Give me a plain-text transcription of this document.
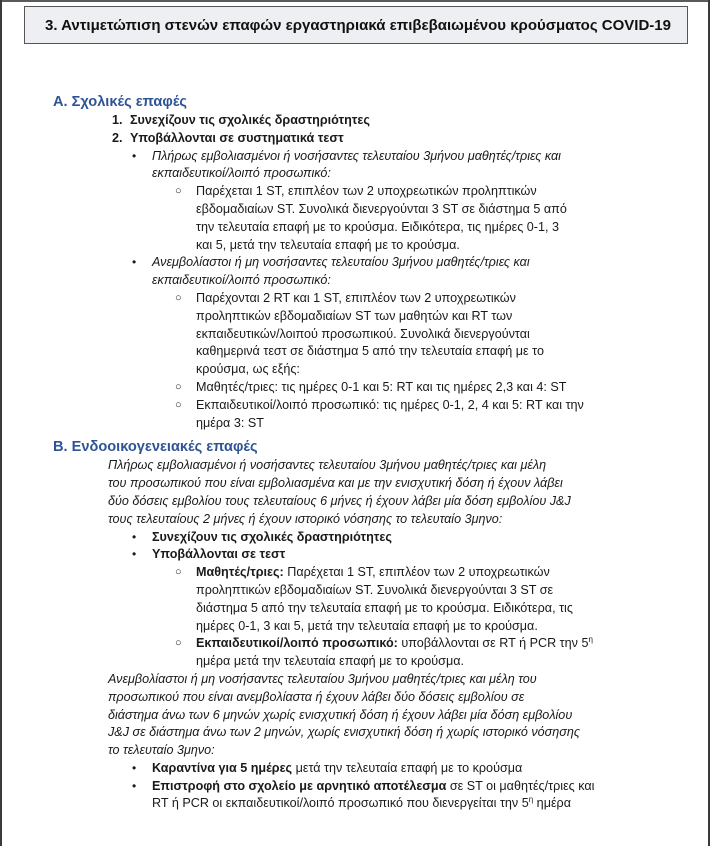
3. Αντιμετώπιση στενών επαφών εργαστηριακά επιβεβαιωμένου κρούσματος COVID-19
Α. Σχολικές επαφές
1. Συνεχίζουν τις σχολικές δραστηριότητες
2. Υποβάλλονται σε συστηματικά τεστ
• Πλήρως εμβολιασμένοι ή νοσήσαντες τελευταίου 3μήνου μαθητές/τριες και
εκπαιδευτικοί/λοιπό προσωπικό:
○ Παρέχεται 1 ST, επιπλέον των 2 υποχρεωτικών προληπτικών
εβδομαδιαίων ST. Συνολικά διενεργούνται 3 ST σε διάστημα 5 από
την τελευταία επαφή με το κρούσμα. Ειδικότερα, τις ημέρες 0-1, 3
και 5, μετά την τελευταία επαφή με το κρούσμα.
• Ανεμβολίαστοι ή μη νοσήσαντες τελευταίου 3μήνου μαθητές/τριες και
εκπαιδευτικοί/λοιπό προσωπικό:
○ Παρέχονται 2 RT και 1 ST, επιπλέον των 2 υποχρεωτικών
προληπτικών εβδομαδιαίων ST των μαθητών και RT των
εκπαιδευτικών/λοιπού προσωπικού. Συνολικά διενεργούνται
καθημερινά τεστ σε διάστημα 5 από την τελευταία επαφή με το
κρούσμα, ως εξής:
○ Μαθητές/τριες: τις ημέρες 0-1 και 5: RT και τις ημέρες 2,3 και 4: ST
○ Εκπαιδευτικοί/λοιπό προσωπικό: τις ημέρες 0-1, 2, 4 και 5: RT και την
ημέρα 3: ST
Β. Ενδοοικογενειακές επαφές
Πλήρως εμβολιασμένοι ή νοσήσαντες τελευταίου 3μήνου μαθητές/τριες και μέλη
του προσωπικού που είναι εμβολιασμένα και με την ενισχυτική δόση ή έχουν λάβει
δύο δόσεις εμβολίου τους τελευταίους 6 μήνες ή έχουν λάβει μία δόση εμβολίου J&J
τους τελευταίους 2 μήνες ή έχουν ιστορικό νόσησης το τελευταίο 3μηνο:
• Συνεχίζουν τις σχολικές δραστηριότητες
• Υποβάλλονται σε τεστ
○ Μαθητές/τριες: Παρέχεται 1 ST, επιπλέον των 2 υποχρεωτικών
προληπτικών εβδομαδιαίων ST. Συνολικά διενεργούνται 3 ST σε
διάστημα 5 από την τελευταία επαφή με το κρούσμα. Ειδικότερα, τις
ημέρες 0-1, 3 και 5, μετά την τελευταία επαφή με το κρούσμα.
○ Εκπαιδευτικοί/λοιπό προσωπικό: υποβάλλονται σε RT ή PCR την $5^\eta$
ημέρα μετά την τελευταία επαφή με το κρούσμα.
Ανεμβολίαστοι ή μη νοσήσαντες τελευταίου 3μήνου μαθητές/τριες και μέλη του
προσωπικού που είναι ανεμβολίαστα ή έχουν λάβει δύο δόσεις εμβολίου σε
διάστημα άνω των 6 μηνών χωρίς ενισχυτική δόση ή έχουν λάβει μία δόση εμβολίου
J&J σε διάστημα άνω των 2 μηνών, χωρίς ενισχυτική δόση ή χωρίς ιστορικό νόσησης
το τελευταίο 3μηνο:
• Καραντίνα για 5 ημέρες μετά την τελευταία επαφή με το κρούσμα
• Επιστροφή στο σχολείο με αρνητικό αποτέλεσμα σε ST οι μαθητές/τριες και
RT ή PCR οι εκπαιδευτικοί/λοιπό προσωπικό που διενεργείται την $5^\eta$ ημέρα
